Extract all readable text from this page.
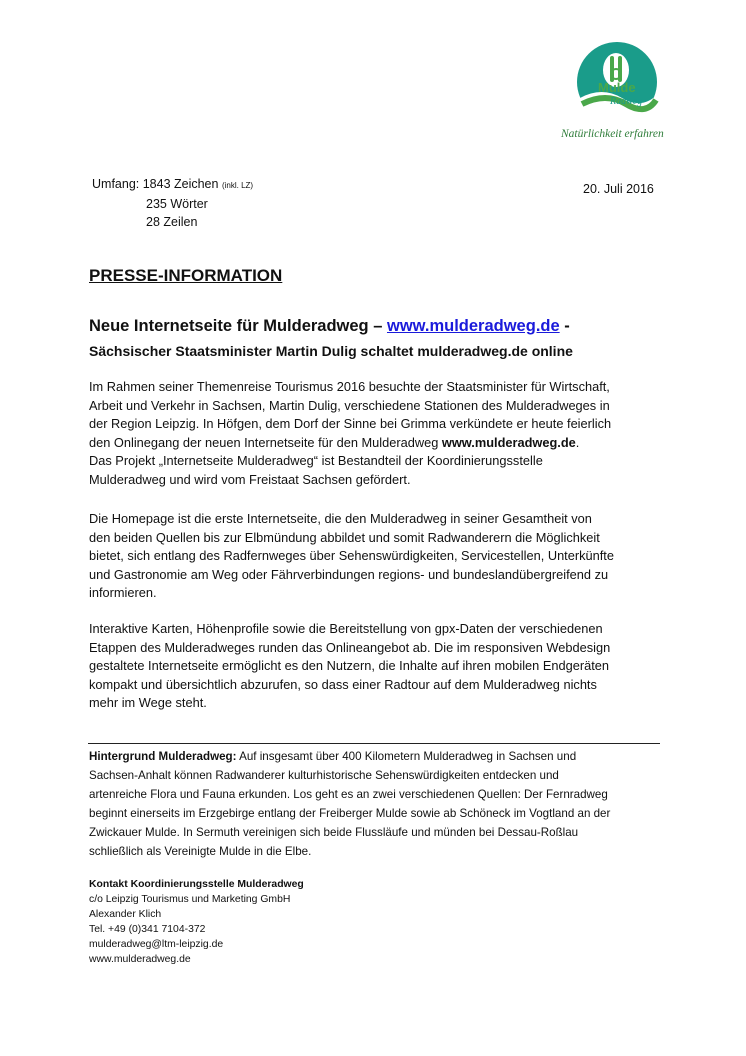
Mulde
Radweg
Natürlichkeit erfahren
Umfang: 1843 Zeichen (inkl. LZ)
235 Wörter
28 Zeilen
20. Juli 2016
PRESSE-INFORMATION
Neue Internetseite für Mulderadweg – www.mulderadweg.de -
Sächsischer Staatsminister Martin Dulig schaltet mulderadweg.de online

Im Rahmen seiner Themenreise Tourismus 2016 besuchte der Staatsminister für Wirtschaft,

Arbeit und Verkehr in Sachsen, Martin Dulig, verschiedene Stationen des Mulderadweges in

der Region Leipzig. In Höfgen, dem Dorf der Sinne bei Grimma verkündete er heute feierlich

den Onlinegang der neuen Internetseite für den Mulderadweg www.mulderadweg.de.

Das Projekt „Internetseite Mulderadweg“ ist Bestandteil der Koordinierungsstelle

Mulderadweg und wird vom Freistaat Sachsen gefördert.

Die Homepage ist die erste Internetseite, die den Mulderadweg in seiner Gesamtheit von

den beiden Quellen bis zur Elbmündung abbildet und somit Radwanderern die Möglichkeit

bietet, sich entlang des Radfernweges über Sehenswürdigkeiten, Servicestellen, Unterkünfte

und Gastronomie am Weg oder Fährverbindungen regions- und bundeslandübergreifend zu

informieren.

Interaktive Karten, Höhenprofile sowie die Bereitstellung von gpx-Daten der verschiedenen

Etappen des Mulderadweges runden das Onlineangebot ab. Die im responsiven Webdesign

gestaltete Internetseite ermöglicht es den Nutzern, die Inhalte auf ihren mobilen Endgeräten

kompakt und übersichtlich abzurufen, so dass einer Radtour auf dem Mulderadweg nichts

mehr im Wege steht.

Hintergrund Mulderadweg: Auf insgesamt über 400 Kilometern Mulderadweg in Sachsen und

Sachsen-Anhalt können Radwanderer kulturhistorische Sehenswürdigkeiten entdecken und

artenreiche Flora und Fauna erkunden. Los geht es an zwei verschiedenen Quellen: Der Fernradweg

beginnt einerseits im Erzgebirge entlang der Freiberger Mulde sowie ab Schöneck im Vogtland an der

Zwickauer Mulde. In Sermuth vereinigen sich beide Flussläufe und münden bei Dessau-Roßlau

schließlich als Vereinigte Mulde in die Elbe.

Kontakt Koordinierungsstelle Mulderadweg
c/o Leipzig Tourismus und Marketing GmbH
Alexander Klich
Tel. +49 (0)341 7104-372
mulderadweg@ltm-leipzig.de
www.mulderadweg.de
